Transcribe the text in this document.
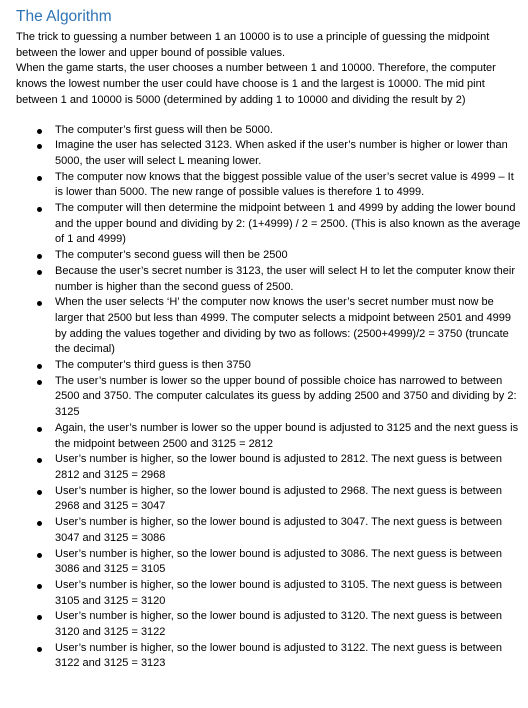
The Algorithm

The trick to guessing a number between 1 an 10000 is to use a principle of guessing the midpoint between the lower and upper bound of possible values.

When the game starts, the user chooses a number between 1 and 10000. Therefore, the computer knows the lowest number the user could have choose is 1 and the largest is 10000. The mid pint between 1 and 10000 is 5000 (determined by adding 1 to 10000 and dividing the result by 2)

The computer’s first guess will then be 5000.
Imagine the user has selected 3123. When asked if the user’s number is higher or lower than 5000, the user will select L meaning lower.
The computer now knows that the biggest possible value of the user’s secret value is 4999 – It is lower than 5000. The new range of possible values is therefore 1 to 4999.
The computer will then determine the midpoint between 1 and 4999 by adding the lower bound and the upper bound and dividing by 2: (1+4999) / 2 = 2500. (This is also known as the average of 1 and 4999)
The computer’s second guess will then be 2500
Because the user’s secret number is 3123, the user will select H to let the computer know their number is higher than the second guess of 2500.
When the user selects ‘H’ the computer now knows the user’s secret number must now be larger that 2500 but less than 4999. The computer selects a midpoint between 2501 and 4999 by adding the values together and dividing by two as follows: (2500+4999)/2 = 3750 (truncate the decimal)
The computer’s third guess is then 3750
The user’s number is lower so the upper bound of possible choice has narrowed to between 2500 and 3750. The computer calculates its guess by adding 2500 and 3750 and dividing by 2: 3125
Again, the user’s number is lower so the upper bound is adjusted to 3125 and the next guess is the midpoint between 2500 and 3125 = 2812
User’s number is higher, so the lower bound is adjusted to 2812. The next guess is between 2812 and 3125 = 2968
User’s number is higher, so the lower bound is adjusted to 2968. The next guess is between 2968 and 3125 = 3047
User’s number is higher, so the lower bound is adjusted to 3047. The next guess is between 3047 and 3125 = 3086
User’s number is higher, so the lower bound is adjusted to 3086. The next guess is between 3086 and 3125 = 3105
User’s number is higher, so the lower bound is adjusted to 3105. The next guess is between 3105 and 3125 = 3120
User’s number is higher, so the lower bound is adjusted to 3120. The next guess is between 3120 and 3125 = 3122
User’s number is higher, so the lower bound is adjusted to 3122. The next guess is between 3122 and 3125 = 3123
